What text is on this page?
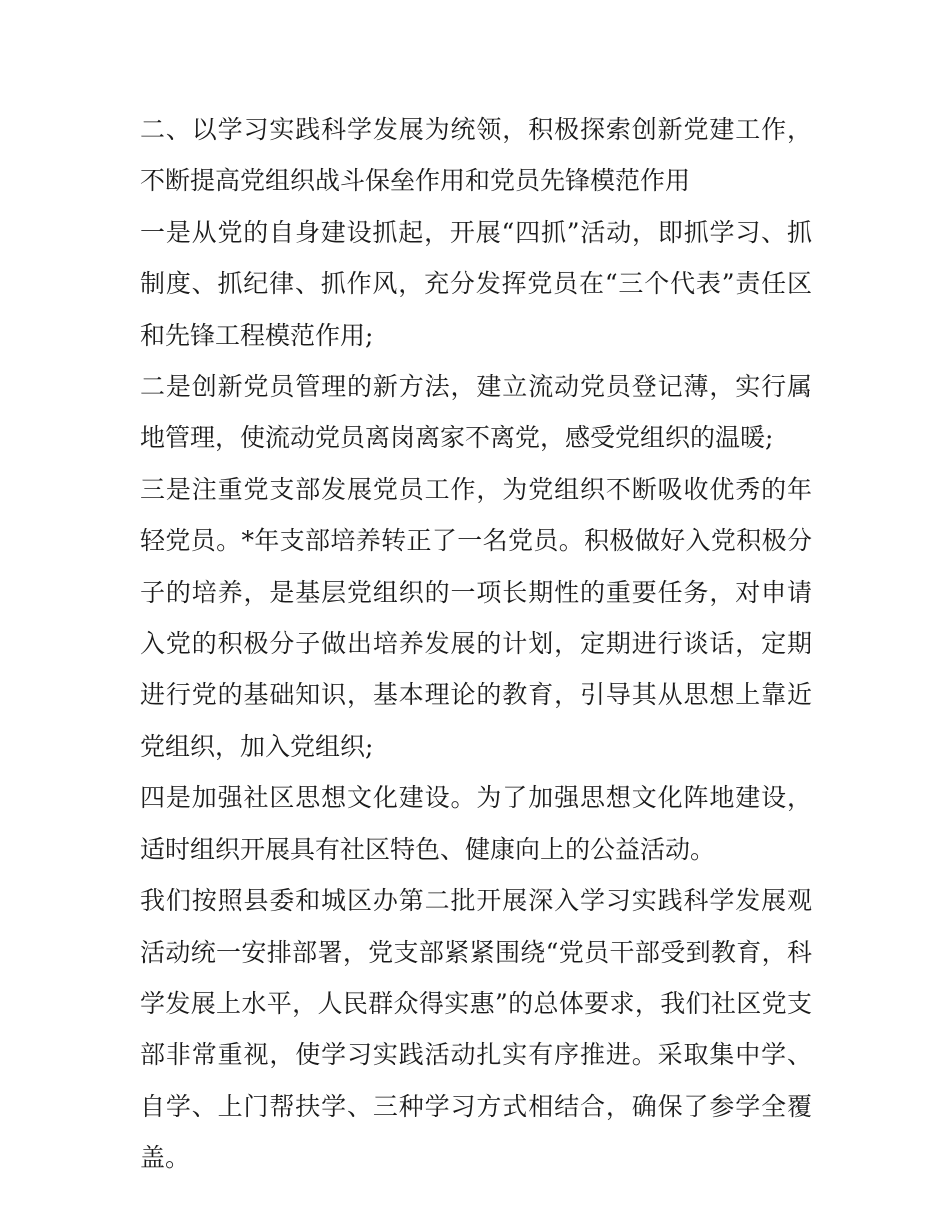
二、以学习实践科学发展为统领，积极探索创新党建工作，不断提高党组织战斗保垒作用和党员先锋模范作用

一是从党的自身建设抓起，开展“四抓”活动，即抓学习、抓制度、抓纪律、抓作风，充分发挥党员在“三个代表”责任区和先锋工程模范作用;

二是创新党员管理的新方法，建立流动党员登记薄，实行属地管理，使流动党员离岗离家不离党，感受党组织的温暖;

三是注重党支部发展党员工作，为党组织不断吸收优秀的年轻党员。*年支部培养转正了一名党员。积极做好入党积极分子的培养，是基层党组织的一项长期性的重要任务，对申请入党的积极分子做出培养发展的计划，定期进行谈话，定期进行党的基础知识，基本理论的教育，引导其从思想上靠近党组织，加入党组织;

四是加强社区思想文化建设。为了加强思想文化阵地建设，适时组织开展具有社区特色、健康向上的公益活动。

我们按照县委和城区办第二批开展深入学习实践科学发展观活动统一安排部署，党支部紧紧围绕“党员干部受到教育，科学发展上水平，人民群众得实惠”的总体要求，我们社区党支部非常重视，使学习实践活动扎实有序推进。采取集中学、自学、上门帮扶学、三种学习方式相结合，确保了参学全覆盖。
